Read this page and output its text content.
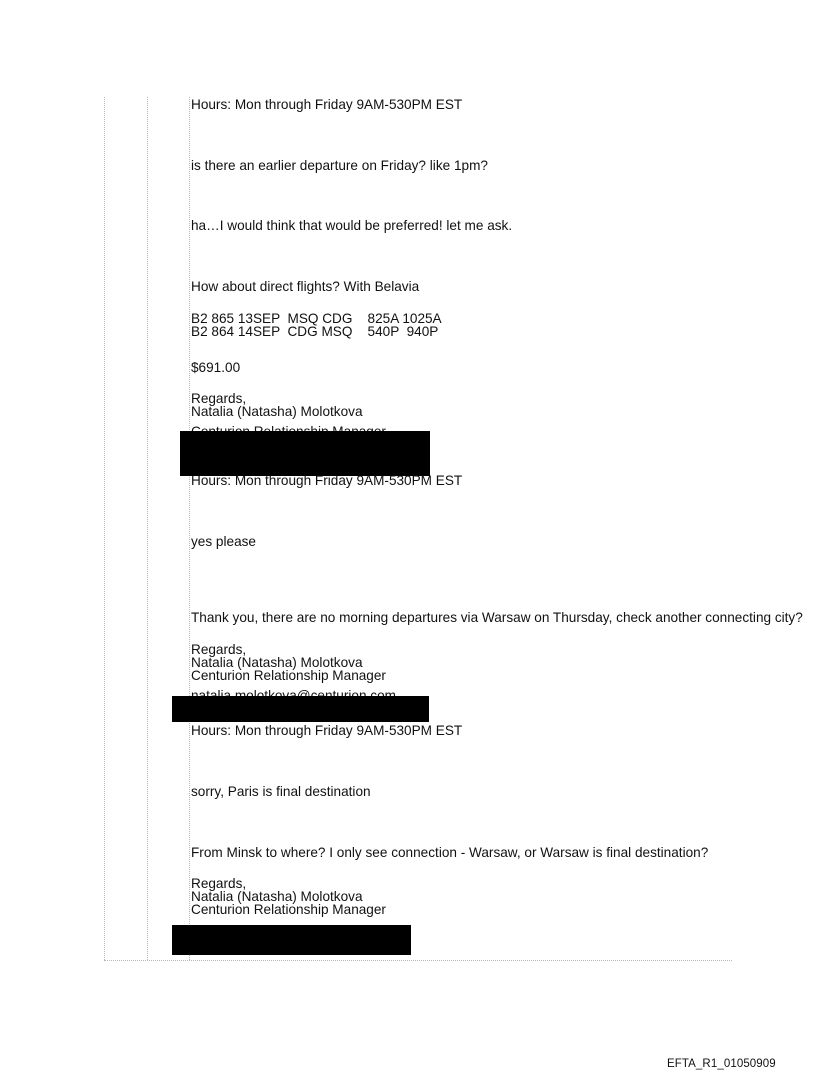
Hours: Mon through Friday 9AM-530PM EST
is there an earlier departure on Friday? like 1pm?
ha…I would think that would be preferred! let me ask.
How about direct flights? With Belavia
B2 865 13SEP  MSQ CDG    825A 1025A
B2 864 14SEP  CDG MSQ    540P  940P
$691.00
Regards,
Natalia (Natasha) Molotkova
Hours: Mon through Friday 9AM-530PM EST
yes please
Thank you, there are no morning departures via Warsaw on Thursday, check another connecting city?
Regards,
Natalia (Natasha) Molotkova
Centurion Relationship Manager
Hours: Mon through Friday 9AM-530PM EST
sorry, Paris is final destination
From Minsk to where? I only see connection - Warsaw, or Warsaw is final destination?
Regards,
Natalia (Natasha) Molotkova
Centurion Relationship Manager
EFTA_R1_01050909
